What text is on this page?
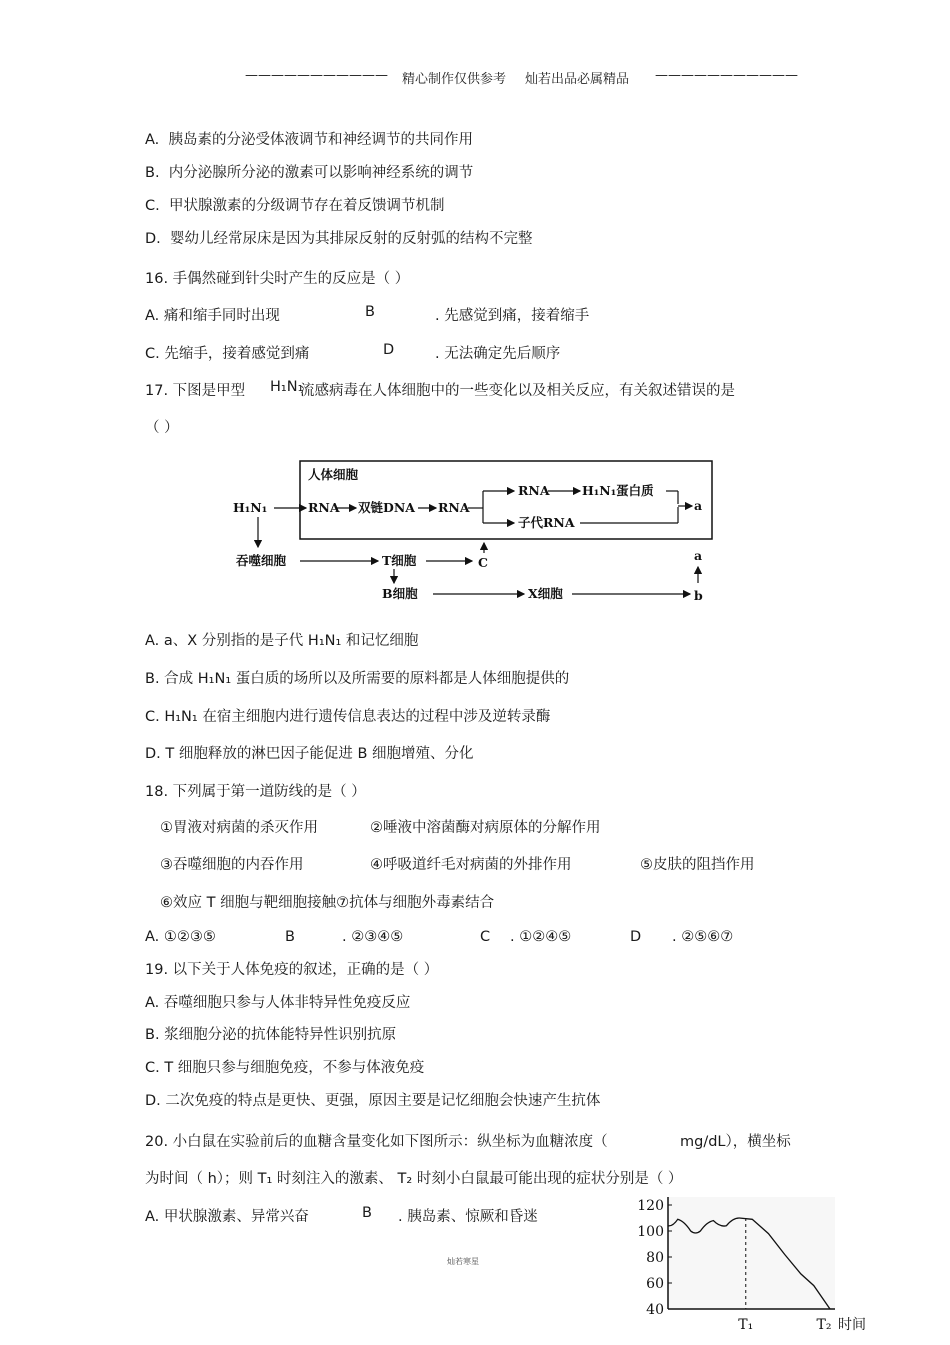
——————————— 精心制作仅供参考 灿若出品必属精品 ———————————
A. 胰岛素的分泌受体液调节和神经调节的共同作用
B. 内分泌腺所分泌的激素可以影响神经系统的调节
C. 甲状腺激素的分级调节存在着反馈调节机制
D. 婴幼儿经常尿床是因为其排尿反射的反射弧的结构不完整
16. 手偶然碰到针尖时产生的反应是（ ）
A. 痛和缩手同时出现	B	. 先感觉到痛，接着缩手
C. 先缩手，接着感觉到痛	D	. 无法确定先后顺序
17. 下图是甲型 H₁N₁
流感病毒在人体细胞中的一些变化以及相关反应，有关叙述错误的是
（ ）
人体细胞
H₁N₁	RNA 双链DNA RNA
RNA	H₁N₁蛋白质
子代RNA
a
吞噬细胞	T细胞	C
B细胞	X细胞
a
b
A. a、X 分别指的是子代 H₁N₁ 和记忆细胞
B. 合成 H₁N₁ 蛋白质的场所以及所需要的原料都是人体细胞提供的
C. H₁N₁ 在宿主细胞内进行遗传信息表达的过程中涉及逆转录酶
D. T 细胞释放的淋巴因子能促进 B 细胞增殖、分化
18. 下列属于第一道防线的是（ ）
①胃液对病菌的杀灭作用	②唾液中溶菌酶对病原体的分解作用
③吞噬细胞的内吞作用	④呼吸道纤毛对病菌的外排作用	⑤皮肤的阻挡作用
⑥效应 T 细胞与靶细胞接触⑦抗体与细胞外毒素结合
A. ①②③⑤	B	. ②③④⑤	C . ①②④⑤	D . ②⑤⑥⑦
19. 以下关于人体免疫的叙述，正确的是（ ）
A. 吞噬细胞只参与人体非特异性免疫反应
B. 浆细胞分泌的抗体能特异性识别抗原
C. T 细胞只参与细胞免疫，不参与体液免疫
D. 二次免疫的特点是更快、更强，原因主要是记忆细胞会快速产生抗体
20. 小白鼠在实验前后的血糖含量变化如下图所示：纵坐标为血糖浓度（	mg/dL），横坐标
为时间（ h）；则 T₁ 时刻注入的激素、 T₂ 时刻小白鼠最可能出现的症状分别是（ ）
A. 甲状腺激素、异常兴奋	B . 胰岛素、惊厥和昏迷
120
100
80
60
40
T₁	T₂ 时间
灿若寒星
